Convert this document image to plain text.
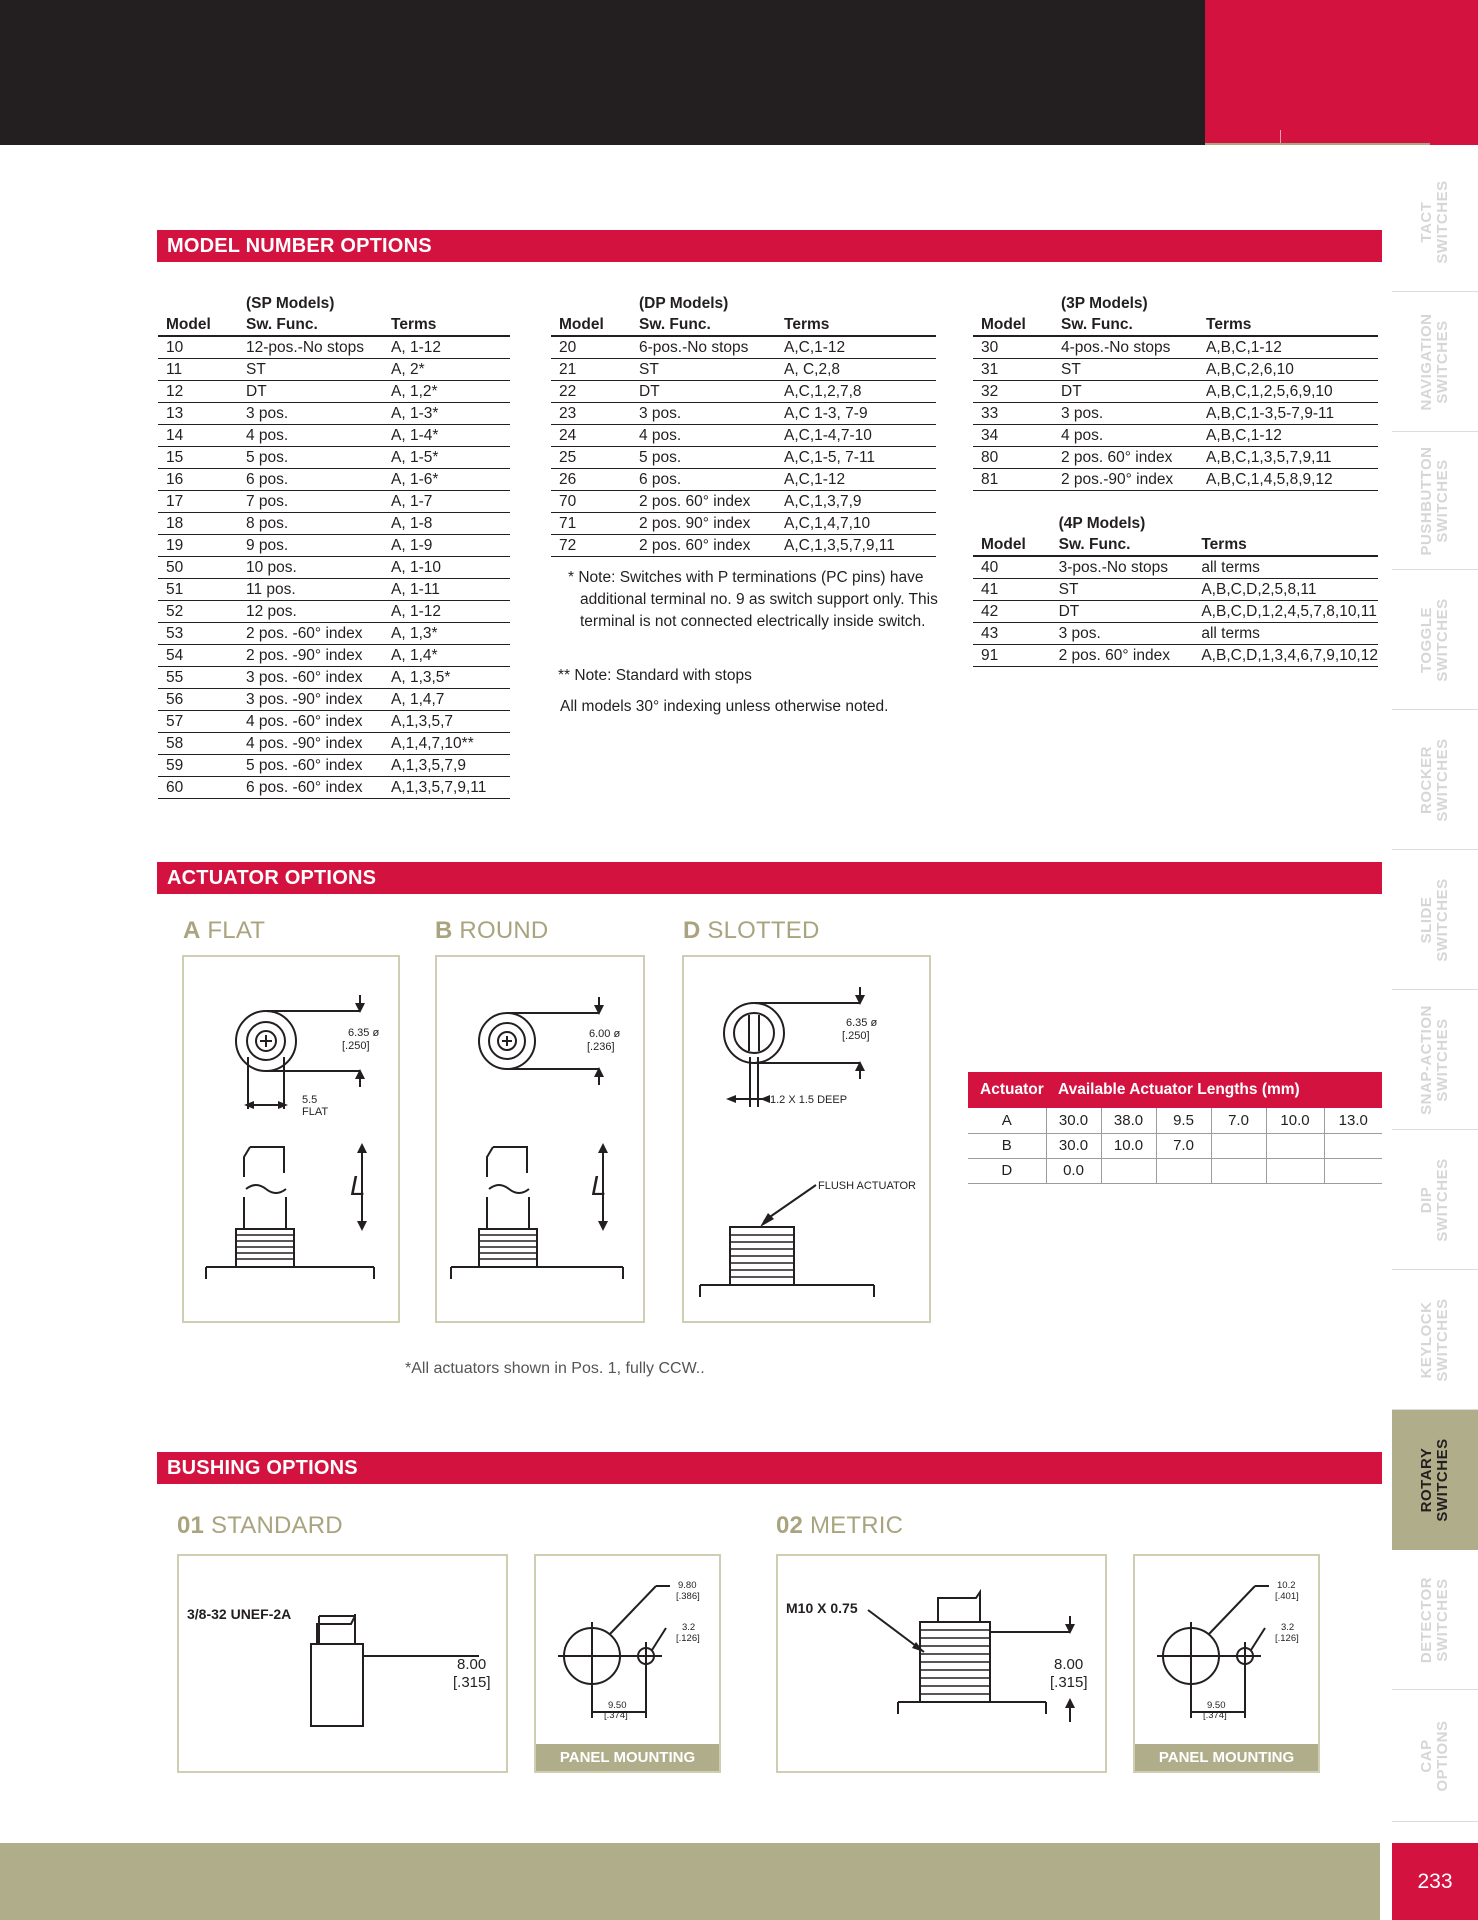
TACT
SWITCHES
NAVIGATION
SWITCHES
PUSHBUTTON
SWITCHES
TOGGLE
SWITCHES
ROCKER
SWITCHES
SLIDE
SWITCHES
SNAP-ACTION
SWITCHES
DIP
SWITCHES
KEYLOCK
SWITCHES
ROTARY
SWITCHES
DETECTOR
SWITCHES
CAP
OPTIONS
MODEL NUMBER OPTIONS
	(SP Models)	
Model	Sw. Func.	Terms
10	12-pos.-No stops	A, 1-12
11	ST	A, 2*
12	DT	A, 1,2*
13	3 pos.	A, 1-3*
14	4 pos.	A, 1-4*
15	5 pos.	A, 1-5*
16	6 pos.	A, 1-6*
17	7 pos.	A, 1-7
18	8 pos.	A, 1-8
19	9 pos.	A, 1-9
50	10 pos.	A, 1-10
51	11 pos.	A, 1-11
52	12 pos.	A, 1-12
53	2 pos. -60° index	A, 1,3*
54	2 pos. -90° index	A, 1,4*
55	3 pos. -60° index	A, 1,3,5*
56	3 pos. -90° index	A, 1,4,7
57	4 pos. -60° index	A,1,3,5,7
58	4 pos. -90° index	A,1,4,7,10**
59	5 pos. -60° index	A,1,3,5,7,9
60	6 pos. -60° index	A,1,3,5,7,9,11
	(DP Models)	
Model	Sw. Func.	Terms
20	6-pos.-No stops	A,C,1-12
21	ST	A, C,2,8
22	DT	A,C,1,2,7,8
23	3 pos.	A,C 1-3, 7-9
24	4 pos.	A,C,1-4,7-10
25	5 pos.	A,C,1-5, 7-11
26	6 pos.	A,C,1-12
70	2 pos. 60° index	A,C,1,3,7,9
71	2 pos. 90° index	A,C,1,4,7,10
72	2 pos. 60° index	A,C,1,3,5,7,9,11
	(3P Models)	
Model	Sw. Func.	Terms
30	4-pos.-No stops	A,B,C,1-12
31	ST	A,B,C,2,6,10
32	DT	A,B,C,1,2,5,6,9,10
33	3 pos.	A,B,C,1-3,5-7,9-11
34	4 pos.	A,B,C,1-12
80	2 pos. 60° index	A,B,C,1,3,5,7,9,11
81	2 pos.-90° index	A,B,C,1,4,5,8,9,12
	(4P Models)	
Model	Sw. Func.	Terms
40	3-pos.-No stops	all terms
41	ST	A,B,C,D,2,5,8,11
42	DT	A,B,C,D,1,2,4,5,7,8,10,11
43	3 pos.	all terms
91	2 pos. 60° index	A,B,C,D,1,3,4,6,7,9,10,12
* Note: Switches with P terminations (PC pins) have additional terminal no. 9 as switch support only. This terminal is not connected electrically inside switch.
** Note: Standard with stops
All models 30° indexing unless otherwise noted.
ACTUATOR OPTIONS
A FLAT	B ROUND	D SLOTTED
6.35 ø
[.250]
5.5
FLAT
L
6.00 ø
[.236]
L
6.35 ø
[.250]
1.2 X 1.5 DEEP
FLUSH ACTUATOR
Actuator	Available Actuator Lengths (mm)					
A	30.0	38.0	9.5	7.0	10.0	13.0
B	30.0	10.0	7.0			
D	0.0					
*All actuators shown in Pos. 1, fully CCW..
BUSHING OPTIONS
01 STANDARD	02 METRIC
3/8-32 UNEF-2A
8.00
[.315]
9.80
[.386]
3.2
[.126]
9.50
[.374]
PANEL MOUNTING
M10 X 0.75
8.00
[.315]
10.2
[.401]
3.2
[.126]
9.50
[.374]
PANEL MOUNTING
233
